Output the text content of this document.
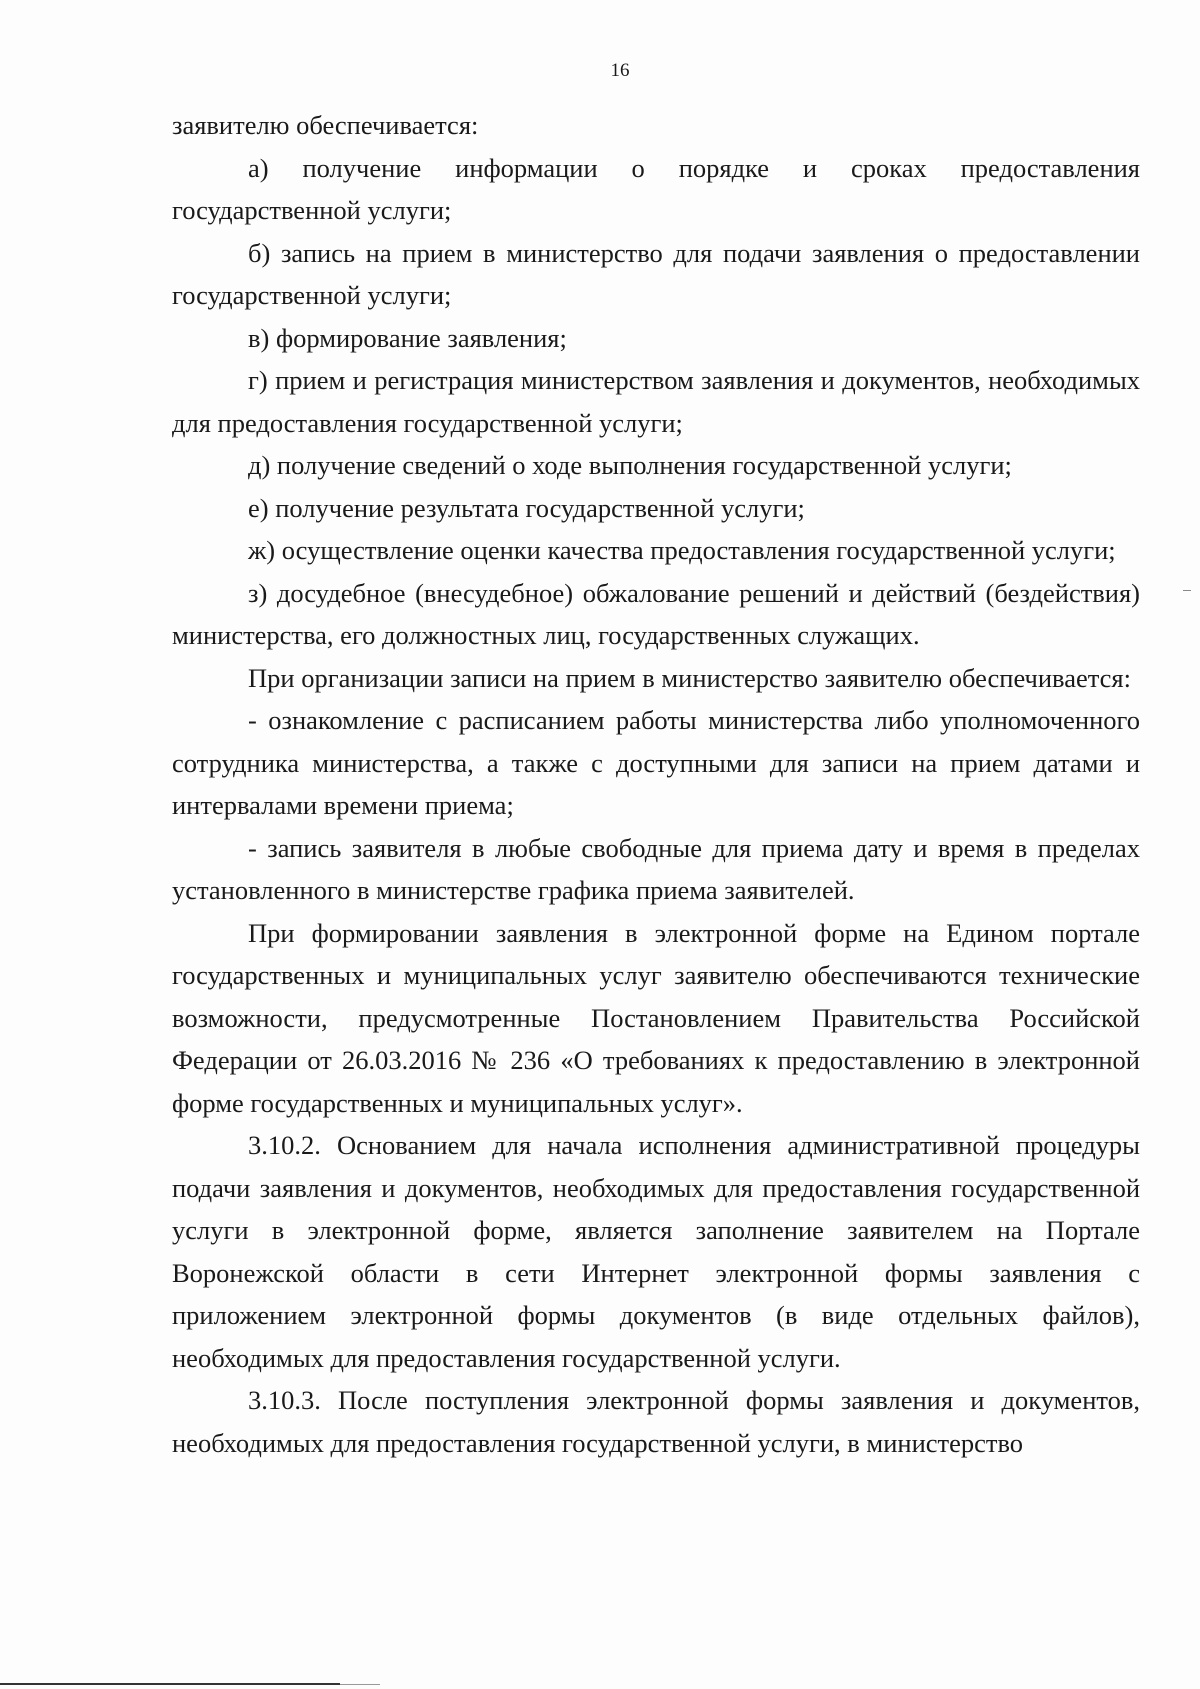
16

заявителю обеспечивается:

а) получение информации о порядке и сроках предоставления государственной услуги;

б) запись на прием в министерство для подачи заявления о предоставлении государственной услуги;

в) формирование заявления;

г) прием и регистрация министерством заявления и документов, необходимых для предоставления государственной услуги;

д) получение сведений о ходе выполнения государственной услуги;

е) получение результата государственной услуги;

ж) осуществление оценки качества предоставления государственной услуги;

з) досудебное (внесудебное) обжалование решений и действий (бездействия) министерства, его должностных лиц, государственных служащих.

При организации записи на прием в министерство заявителю обеспечивается:

- ознакомление с расписанием работы министерства либо уполномоченного сотрудника министерства, а также с доступными для записи на прием датами и интервалами времени приема;

- запись заявителя в любые свободные для приема дату и время в пределах установленного в министерстве графика приема заявителей.

При формировании заявления в электронной форме на Едином портале государственных и муниципальных услуг заявителю обеспечиваются технические возможности, предусмотренные Постановлением Правительства Российской Федерации от 26.03.2016 № 236 «О требованиях к предоставлению в электронной форме государственных и муниципальных услуг».

3.10.2. Основанием для начала исполнения административной процедуры подачи заявления и документов, необходимых для предоставления государственной услуги в электронной форме, является заполнение заявителем на Портале Воронежской области в сети Интернет электронной формы заявления с приложением электронной формы документов (в виде отдельных файлов), необходимых для предоставления государственной услуги.

3.10.3. После поступления электронной формы заявления и документов, необходимых для предоставления государственной услуги, в министерство
